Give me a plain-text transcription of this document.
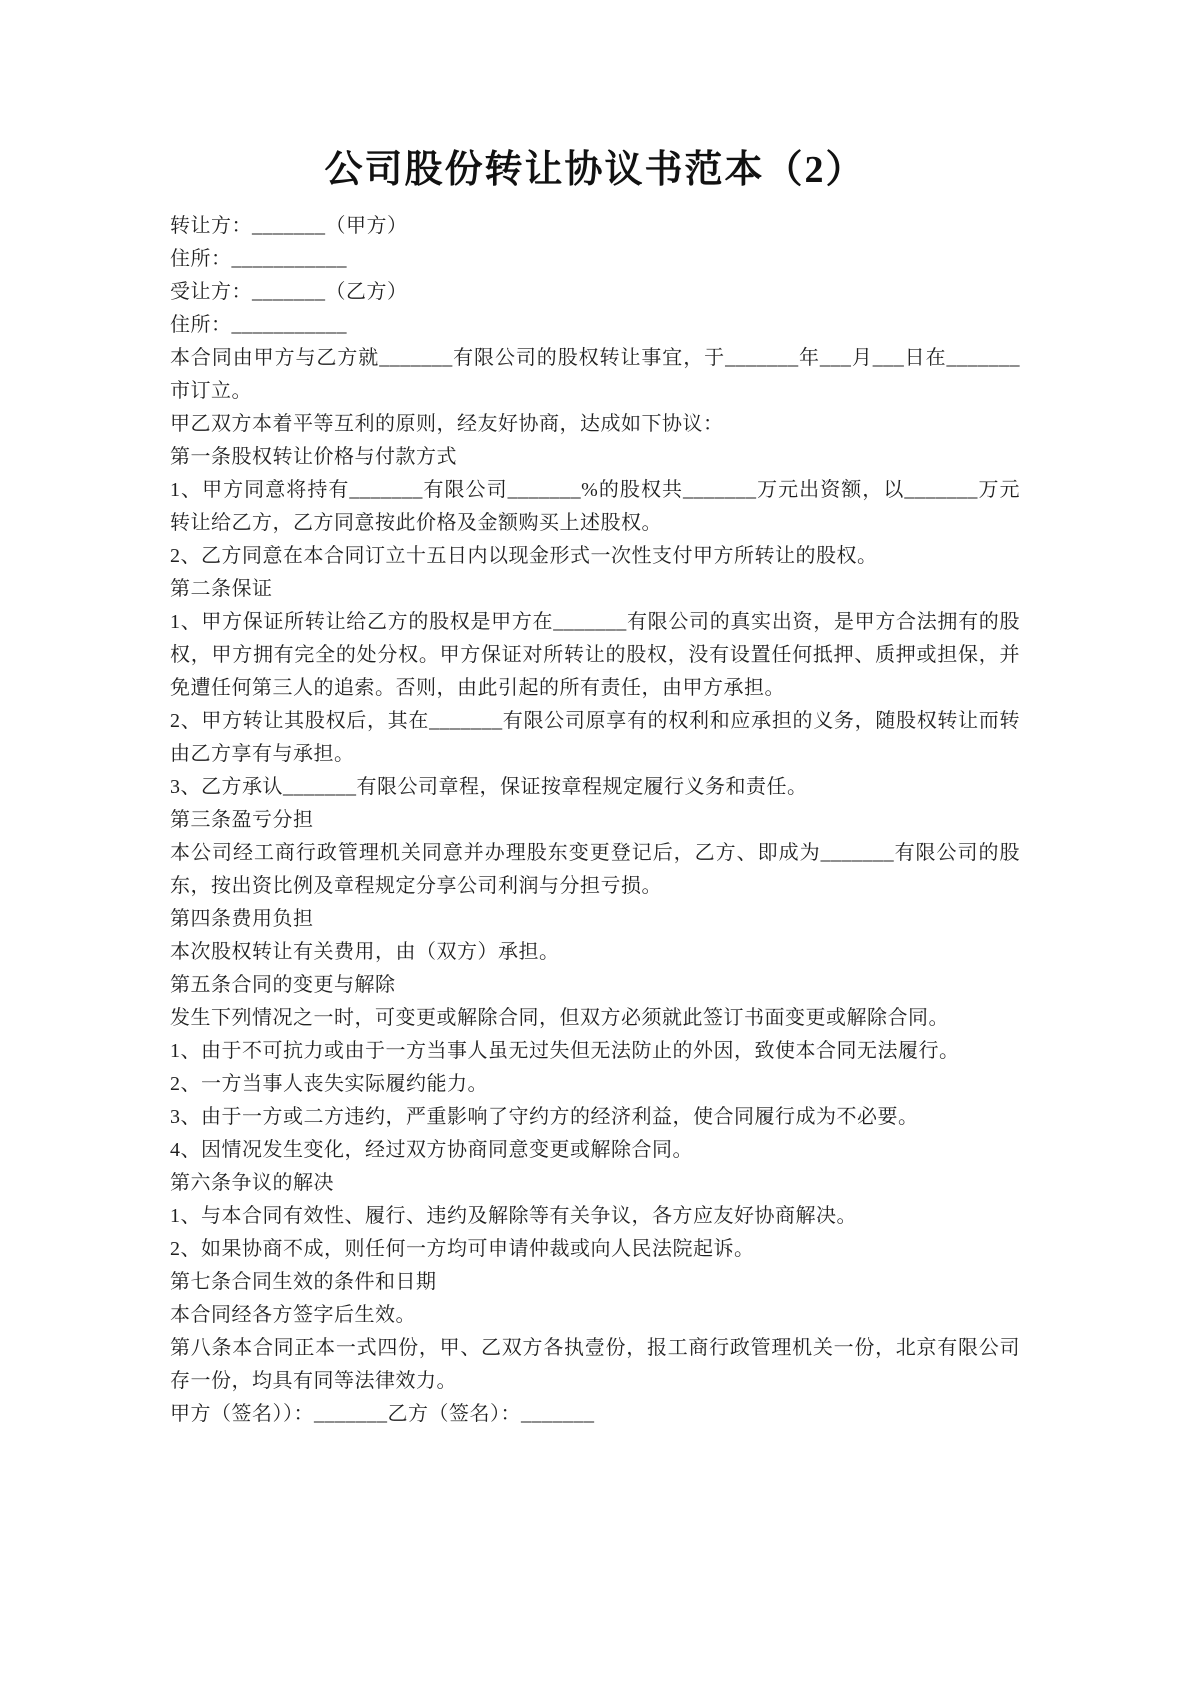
公司股份转让协议书范本（2）

转让方：_______（甲方）

住所：___________

受让方：_______（乙方）

住所：___________

本合同由甲方与乙方就_______有限公司的股权转让事宜，于_______年___月___日在_______市订立。

甲乙双方本着平等互利的原则，经友好协商，达成如下协议：

第一条股权转让价格与付款方式

1、甲方同意将持有_______有限公司_______%的股权共_______万元出资额，以_______万元转让给乙方，乙方同意按此价格及金额购买上述股权。

2、乙方同意在本合同订立十五日内以现金形式一次性支付甲方所转让的股权。

第二条保证

1、甲方保证所转让给乙方的股权是甲方在_______有限公司的真实出资，是甲方合法拥有的股权，甲方拥有完全的处分权。甲方保证对所转让的股权，没有设置任何抵押、质押或担保，并免遭任何第三人的追索。否则，由此引起的所有责任，由甲方承担。

2、甲方转让其股权后，其在_______有限公司原享有的权利和应承担的义务，随股权转让而转由乙方享有与承担。

3、乙方承认_______有限公司章程，保证按章程规定履行义务和责任。

第三条盈亏分担

本公司经工商行政管理机关同意并办理股东变更登记后，乙方、即成为_______有限公司的股东，按出资比例及章程规定分享公司利润与分担亏损。

第四条费用负担

本次股权转让有关费用，由（双方）承担。

第五条合同的变更与解除

发生下列情况之一时，可变更或解除合同，但双方必须就此签订书面变更或解除合同。

1、由于不可抗力或由于一方当事人虽无过失但无法防止的外因，致使本合同无法履行。

2、一方当事人丧失实际履约能力。

3、由于一方或二方违约，严重影响了守约方的经济利益，使合同履行成为不必要。

4、因情况发生变化，经过双方协商同意变更或解除合同。

第六条争议的解决

1、与本合同有效性、履行、违约及解除等有关争议，各方应友好协商解决。

2、如果协商不成，则任何一方均可申请仲裁或向人民法院起诉。

第七条合同生效的条件和日期

本合同经各方签字后生效。

第八条本合同正本一式四份，甲、乙双方各执壹份，报工商行政管理机关一份，北京有限公司存一份，均具有同等法律效力。

甲方（签名））：_______乙方（签名）：_______
